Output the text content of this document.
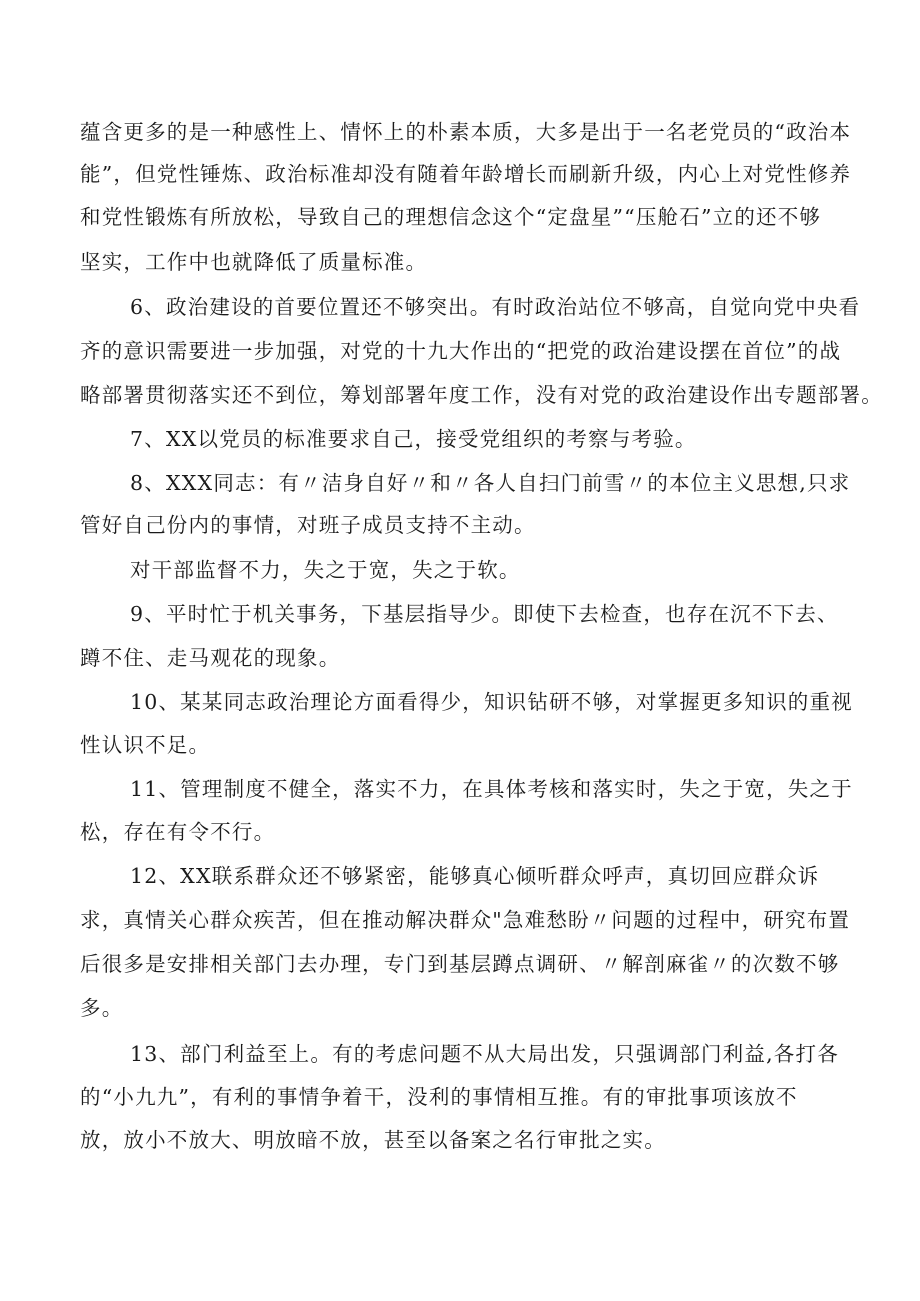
蕴含更多的是一种感性上、情怀上的朴素本质，大多是出于一名老党员的“政治本
能”，但党性锤炼、政治标准却没有随着年龄增长而刷新升级，内心上对党性修养
和党性锻炼有所放松，导致自己的理想信念这个“定盘星”“压舱石”立的还不够
坚实，工作中也就降低了质量标准。
6、政治建设的首要位置还不够突出。有时政治站位不够高，自觉向党中央看
齐的意识需要进一步加强，对党的十九大作出的“把党的政治建设摆在首位”的战
略部署贯彻落实还不到位，筹划部署年度工作，没有对党的政治建设作出专题部署。
7、XX以党员的标准要求自己，接受党组织的考察与考验。
8、XXX同志：有〃洁身自好〃和〃各人自扫门前雪〃的本位主义思想,只求
管好自己份内的事情，对班子成员支持不主动。
对干部监督不力，失之于宽，失之于软。
9、平时忙于机关事务，下基层指导少。即使下去检查，也存在沉不下去、
蹲不住、走马观花的现象。
10、某某同志政治理论方面看得少，知识钻研不够，对掌握更多知识的重视
性认识不足。
11、管理制度不健全，落实不力，在具体考核和落实时，失之于宽，失之于
松，存在有令不行。
12、XX联系群众还不够紧密，能够真心倾听群众呼声，真切回应群众诉
求，真情关心群众疾苦，但在推动解决群众"急难愁盼〃问题的过程中，研究布置
后很多是安排相关部门去办理，专门到基层蹲点调研、〃解剖麻雀〃的次数不够
多。
13、部门利益至上。有的考虑问题不从大局出发，只强调部门利益,各打各
的“小九九”，有利的事情争着干，没利的事情相互推。有的审批事项该放不
放，放小不放大、明放暗不放，甚至以备案之名行审批之实。
